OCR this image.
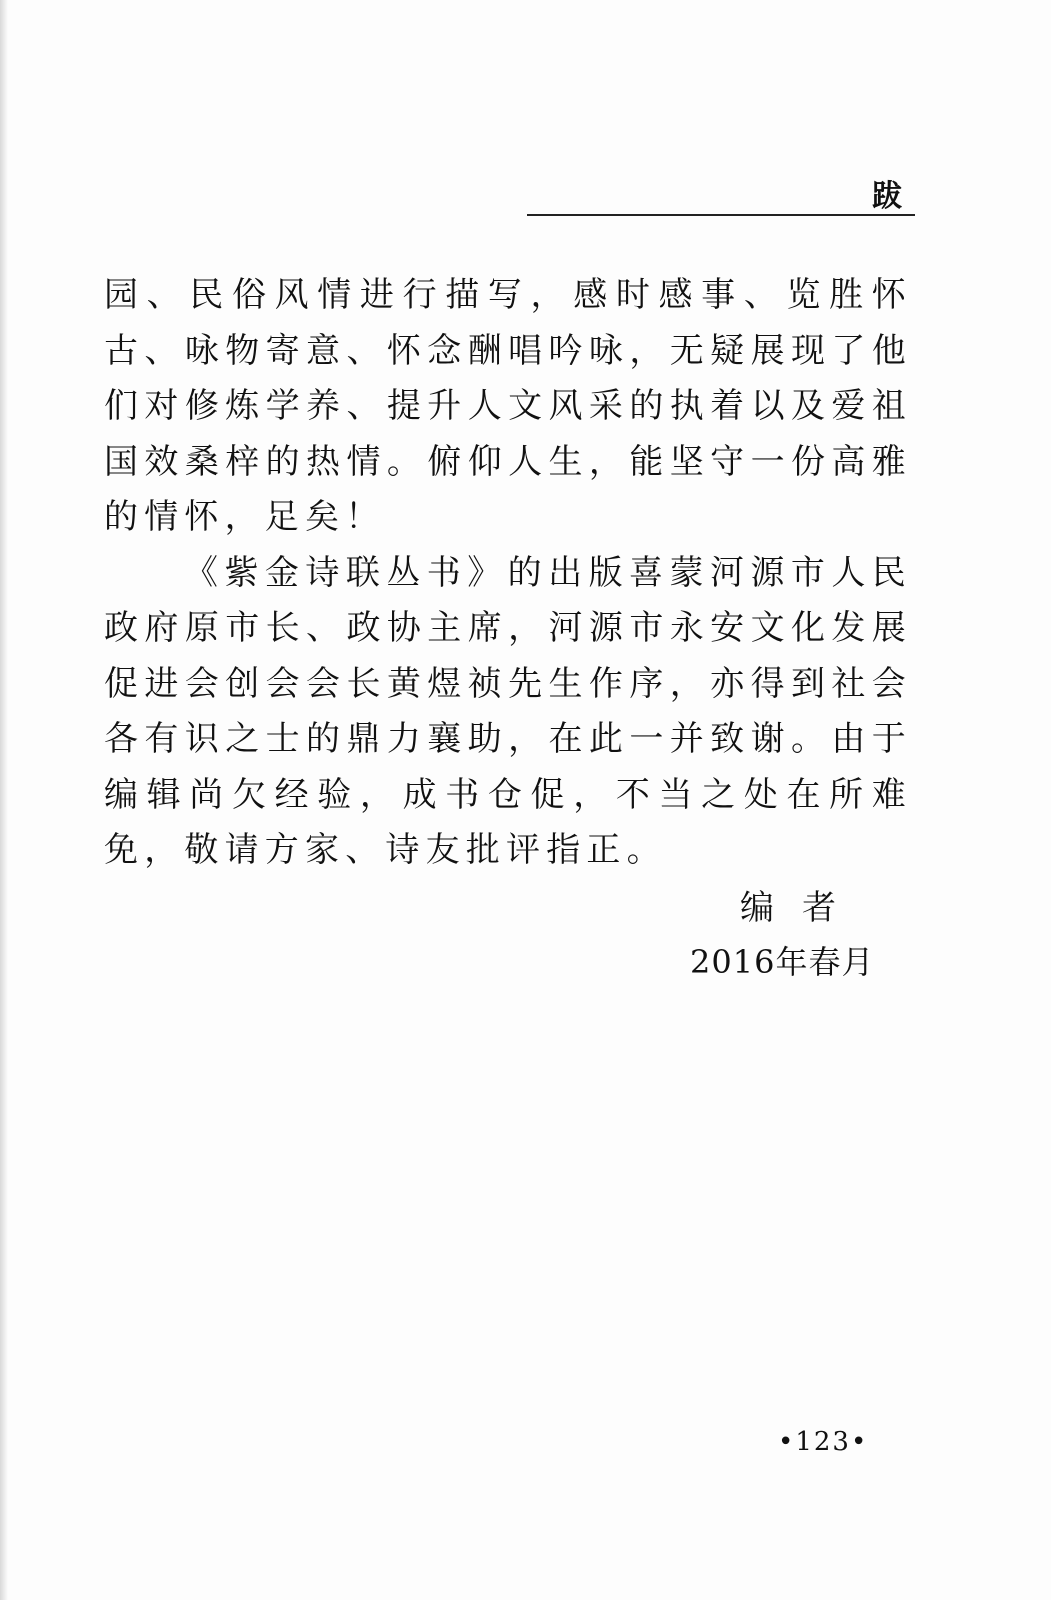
跋

园、民俗风情进行描写，感时感事、览胜怀古、咏物寄意、怀念酬唱吟咏，无疑展现了他们对修炼学养、提升人文风采的执着以及爱祖国效桑梓的热情。俯仰人生，能坚守一份高雅的情怀，足矣！

《紫金诗联丛书》的出版喜蒙河源市人民政府原市长、政协主席，河源市永安文化发展促进会创会会长黄煜祯先生作序，亦得到社会各有识之士的鼎力襄助，在此一并致谢。由于编辑尚欠经验，成书仓促，不当之处在所难免，敬请方家、诗友批评指正。

编者
2016年春月
•123•
